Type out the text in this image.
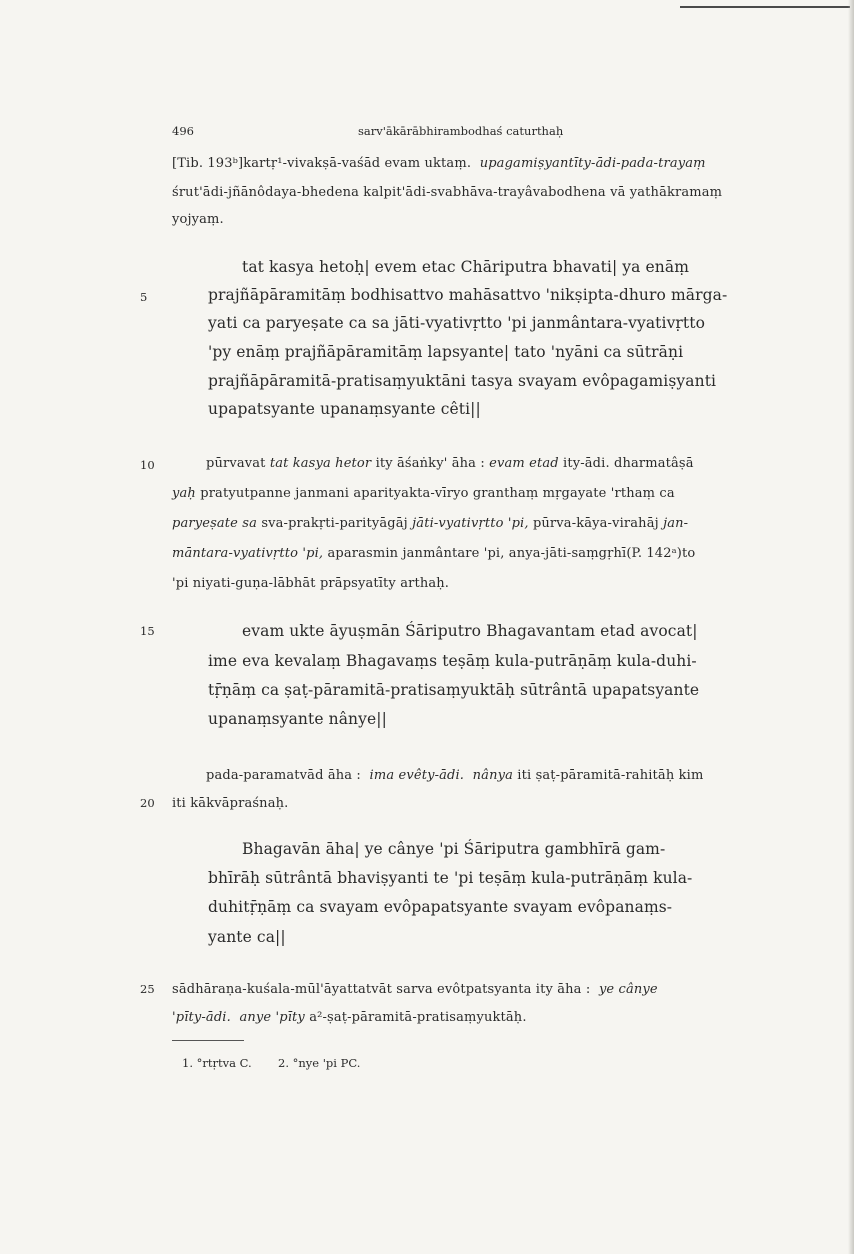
496	sarv'ākārābhirambodhaś caturthaḥ
5
10
15
20
25
[Tib. 193ᵇ]kartṛ¹-vivakṣā-vaśād evam uktaṃ. upagamiṣyantīty-ādi-pada-trayaṃ
śrut'ādi-jñānôdaya-bhedena kalpit'ādi-svabhāva-trayâvabodhena vā yathākramaṃ
yojyaṃ.
tat kasya hetoḥ| evem etac Chāriputra bhavati| ya enāṃ
prajñāpāramitāṃ bodhisattvo mahāsattvo 'nikṣipta-dhuro mārga-
yati ca paryeṣate ca sa jāti-vyativṛtto 'pi janmântara-vyativṛtto
'py enāṃ prajñāpāramitāṃ lapsyante| tato 'nyāni ca sūtrāṇi
prajñāpāramitā-pratisaṃyuktāni tasya svayam evôpagamiṣyanti
upapatsyante upanaṃsyante cêti||
pūrvavat tat kasya hetor ity āśaṅky' āha : evam etad ity-ādi. dharmatâṣā
yaḥ pratyutpanne janmani aparityakta-vīryo granthaṃ mṛgayate 'rthaṃ ca
paryeṣate sa sva-prakṛti-parityāgāj jāti-vyativṛtto 'pi, pūrva-kāya-virahāj jan-
māntara-vyativṛtto 'pi, aparasmin janmântare 'pi, anya-jāti-saṃgṛhī(P. 142ᵃ)to
'pi niyati-guṇa-lābhāt prāpsyatīty arthaḥ.
evam ukte āyuṣmān Śāriputro Bhagavantam etad avocat|
ime eva kevalaṃ Bhagavaṃs teṣāṃ kula-putrāṇāṃ kula-duhi-
tṝṇāṃ ca ṣaṭ-pāramitā-pratisaṃyuktāḥ sūtrântā upapatsyante
upanaṃsyante nânye||
pada-paramatvād āha : ima evêty-ādi. nânya iti ṣaṭ-pāramitā-rahitāḥ kim
iti kākvāpraśnaḥ.
Bhagavān āha| ye cânye 'pi Śāriputra gambhīrā gam-
bhīrāḥ sūtrântā bhaviṣyanti te 'pi teṣāṃ kula-putrāṇāṃ kula-
duhitṝṇāṃ ca svayam evôpapatsyante svayam evôpanaṃs-
yante ca||
sādhāraṇa-kuśala-mūl'āyattatvāt sarva evôtpatsyanta ity āha : ye cânye
'pīty-ādi. anye 'pīty a²-ṣaṭ-pāramitā-pratisaṃyuktāḥ.
1. °rtṛtva C. 2. °nye 'pi PC.
